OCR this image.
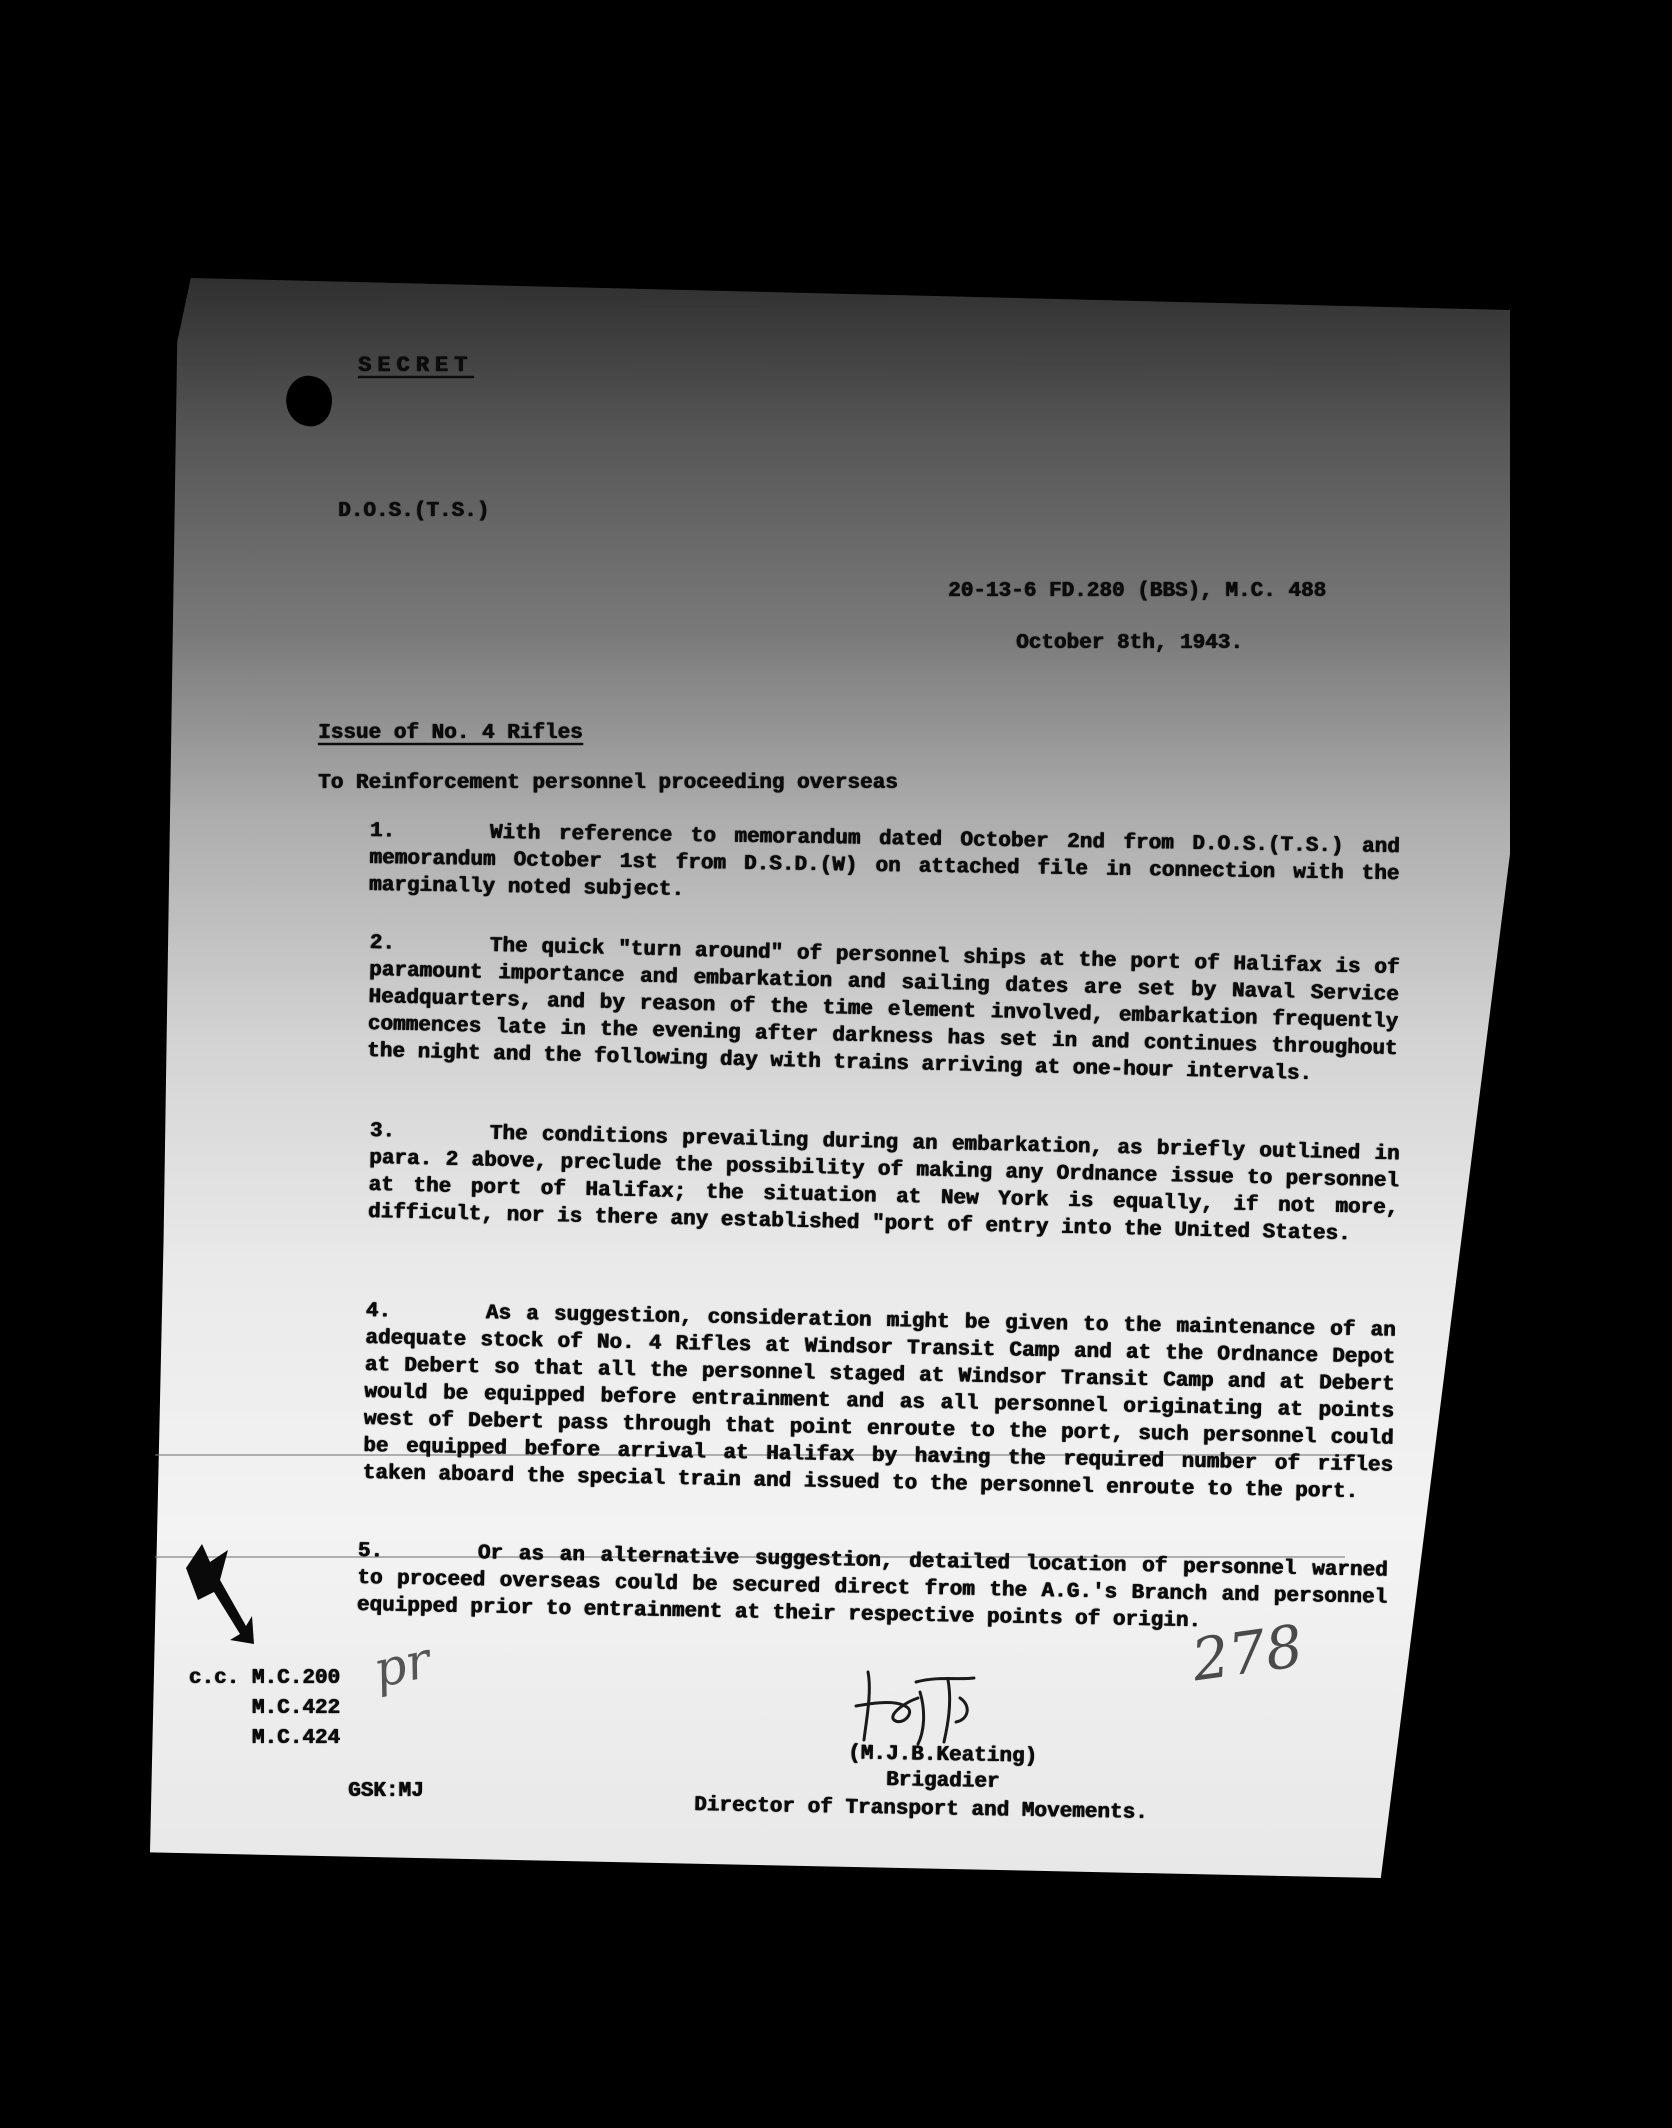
SECRET
D.O.S.(T.S.)
20-13-6 FD.280 (BBS), M.C. 488
October 8th, 1943.
Issue of No. 4 Rifles
To Reinforcement personnel proceeding overseas
1.	With reference to memorandum dated October 2nd from D.O.S.(T.S.) and memorandum October 1st from D.S.D.(W) on attached file in connection with the marginally noted subject.
2.	The quick "turn around" of personnel ships at the port of Halifax is of paramount importance and embarkation and sailing dates are set by Naval Service Headquarters, and by reason of the time element involved, embarkation frequently commences late in the evening after darkness has set in and continues throughout the night and the following day with trains arriving at one-hour intervals.
3.	The conditions prevailing during an embarkation, as briefly outlined in para. 2 above, preclude the possibility of making any Ordnance issue to personnel at the port of Halifax; the situation at New York is equally, if not more, difficult, nor is there any established "port of entry into the United States.
4.	As a suggestion, consideration might be given to the maintenance of an adequate stock of No. 4 Rifles at Windsor Transit Camp and at the Ordnance Depot at Debert so that all the personnel staged at Windsor Transit Camp and at Debert would be equipped before entrainment and as all personnel originating at points west of Debert pass through that point enroute to the port, such personnel could be equipped before arrival at Halifax by having the required number of rifles taken aboard the special train and issued to the personnel enroute to the port.
5.	Or as an alternative suggestion, detailed location of personnel warned to proceed overseas could be secured direct from the A.G.'s Branch and personnel equipped prior to entrainment at their respective points of origin.
c.c. M.C.200
M.C.422
M.C.424
GSK:MJ
(M.J.B.Keating)
Brigadier
Director of Transport and Movements.
278
pr
